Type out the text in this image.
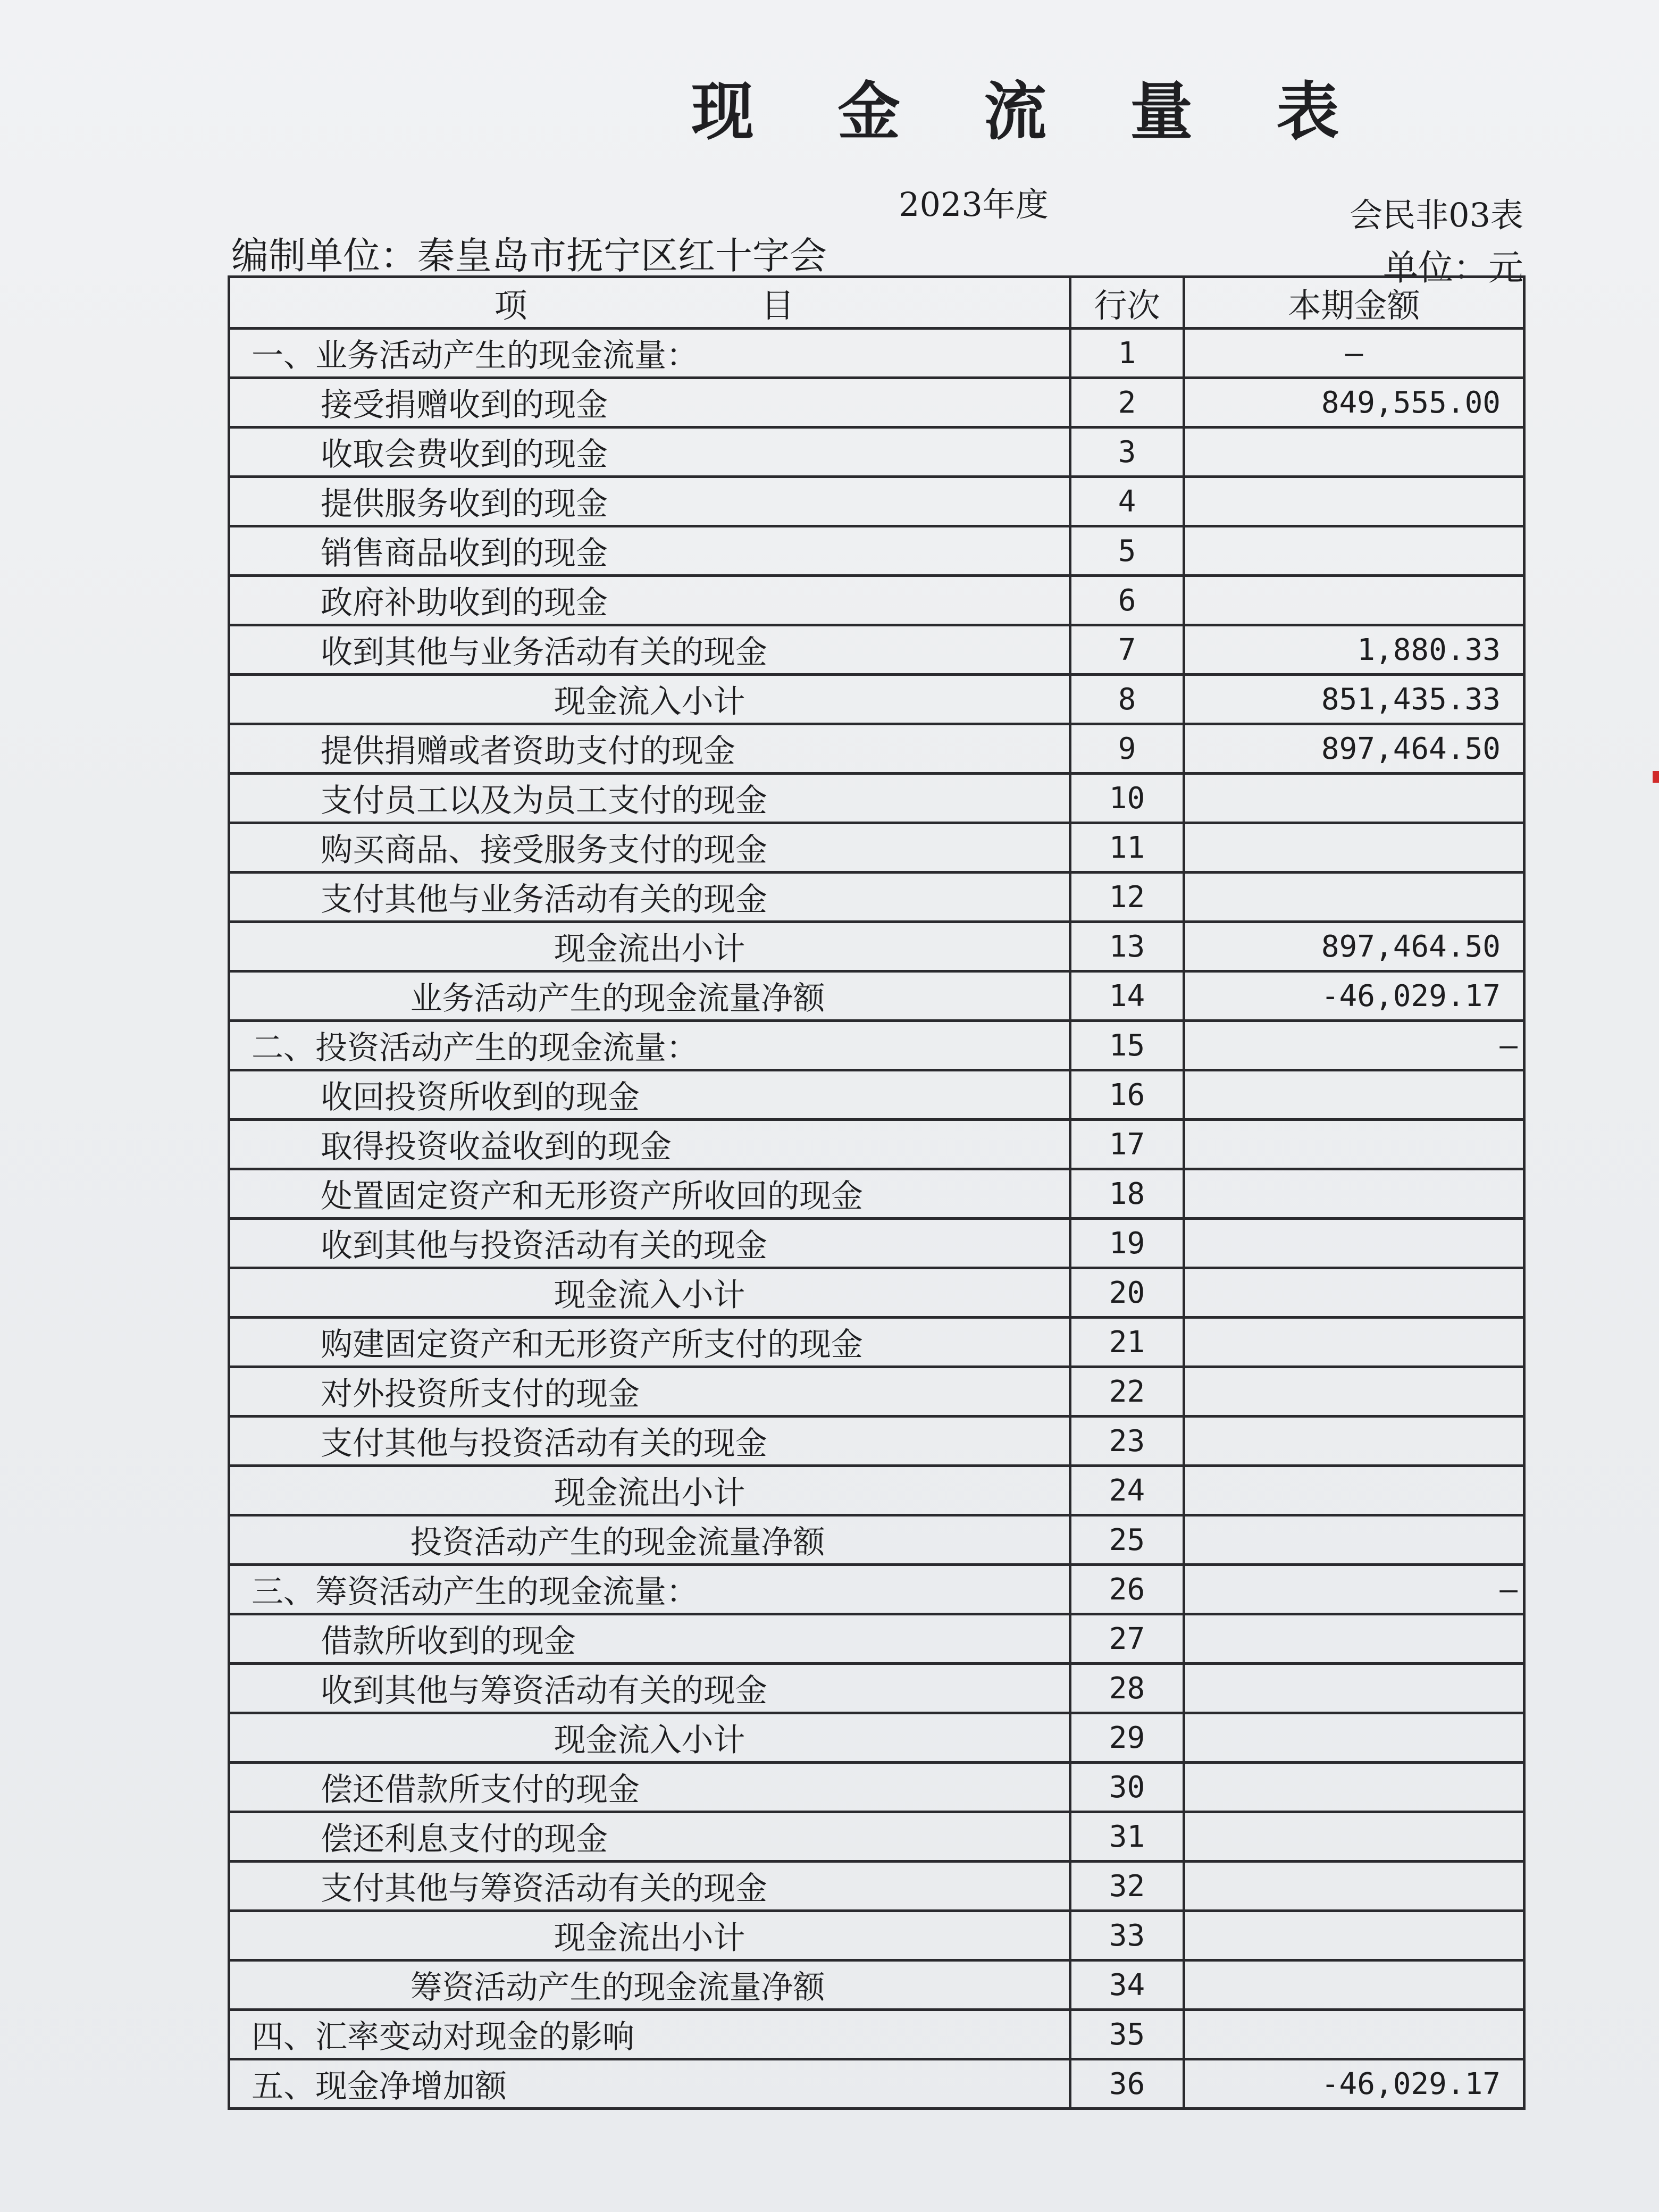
现 金 流 量 表
2023年度	会民非03表
编制单位：秦皇岛市抚宁区红十字会	单位：元
项 目	行次	本期金额
一、业务活动产生的现金流量：	1	—
接受捐赠收到的现金	2	849,555.00
收取会费收到的现金	3	
提供服务收到的现金	4	
销售商品收到的现金	5	
政府补助收到的现金	6	
收到其他与业务活动有关的现金	7	1,880.33
现金流入小计	8	851,435.33
提供捐赠或者资助支付的现金	9	897,464.50
支付员工以及为员工支付的现金	10	
购买商品、接受服务支付的现金	11	
支付其他与业务活动有关的现金	12	
现金流出小计	13	897,464.50
业务活动产生的现金流量净额	14	-46,029.17
二、投资活动产生的现金流量：	15	—
收回投资所收到的现金	16	
取得投资收益收到的现金	17	
处置固定资产和无形资产所收回的现金	18	
收到其他与投资活动有关的现金	19	
现金流入小计	20	
购建固定资产和无形资产所支付的现金	21	
对外投资所支付的现金	22	
支付其他与投资活动有关的现金	23	
现金流出小计	24	
投资活动产生的现金流量净额	25	
三、筹资活动产生的现金流量：	26	—
借款所收到的现金	27	
收到其他与筹资活动有关的现金	28	
现金流入小计	29	
偿还借款所支付的现金	30	
偿还利息支付的现金	31	
支付其他与筹资活动有关的现金	32	
现金流出小计	33	
筹资活动产生的现金流量净额	34	
四、汇率变动对现金的影响	35	
五、现金净增加额	36	-46,029.17
